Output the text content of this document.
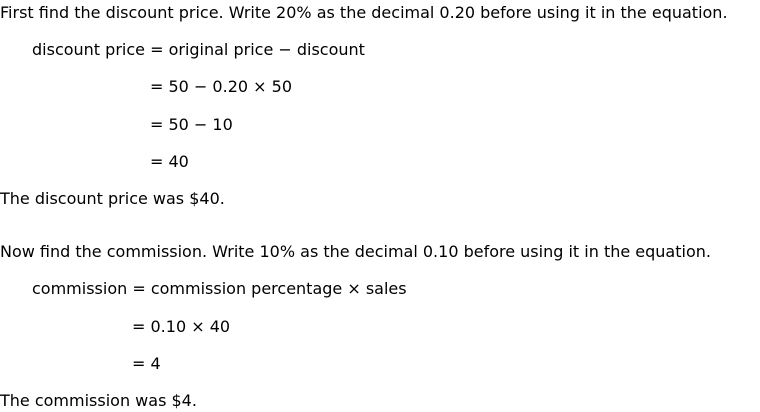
First find the discount price. Write 20% as the decimal 0.20 before using it in the equation.
discount price = original price − discount
= 50 − 0.20 × 50
= 50 − 10
= 40
The discount price was $40.
Now find the commission. Write 10% as the decimal 0.10 before using it in the equation.
commission = commission percentage × sales
= 0.10 × 40
= 4
The commission was $4.
